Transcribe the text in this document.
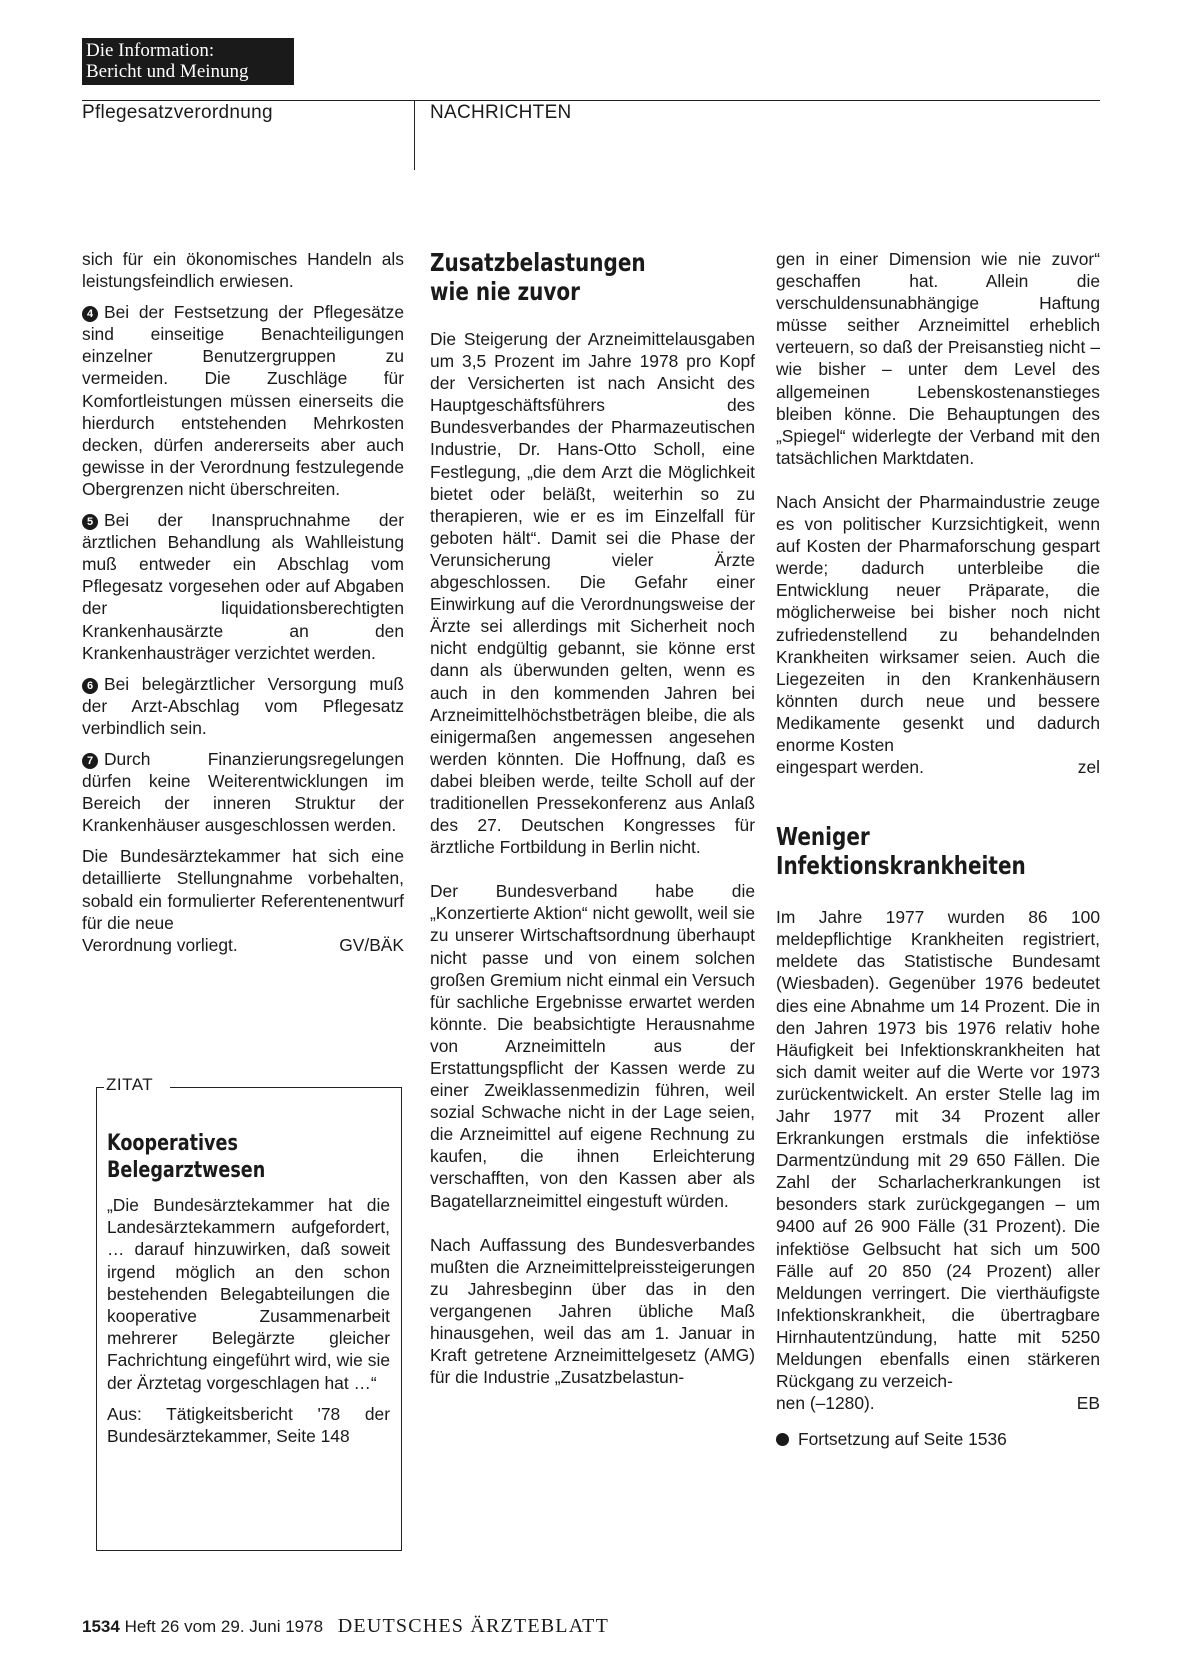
Die Information:
Bericht und Meinung
Pflegesatzverordnung	NACHRICHTEN

sich für ein ökonomisches Handeln als leistungsfeindlich erwiesen.

4 Bei der Festsetzung der Pflegesätze sind einseitige Benachteiligungen einzelner Benutzergruppen zu vermeiden. Die Zuschläge für Komfortleistungen müssen einerseits die hierdurch entstehenden Mehrkosten decken, dürfen andererseits aber auch gewisse in der Verordnung festzulegende Obergrenzen nicht überschreiten.

5 Bei der Inanspruchnahme der ärztlichen Behandlung als Wahlleistung muß entweder ein Abschlag vom Pflegesatz vorgesehen oder auf Abgaben der liquidationsberechtigten Krankenhausärzte an den Krankenhausträger verzichtet werden.

6 Bei belegärztlicher Versorgung muß der Arzt-Abschlag vom Pflegesatz verbindlich sein.

7 Durch Finanzierungsregelungen dürfen keine Weiterentwicklungen im Bereich der inneren Struktur der Krankenhäuser ausgeschlossen werden.

Die Bundesärztekammer hat sich eine detaillierte Stellungnahme vorbehalten, sobald ein formulierter Referentenentwurf für die neue

Verordnung vorliegt.	GV/BÄK
ZITAT
Kooperatives
Belegarztwesen

„Die Bundesärztekammer hat die Landesärztekammern aufgefordert, … darauf hinzuwirken, daß soweit irgend möglich an den schon bestehenden Belegabteilungen die kooperative Zusammenarbeit mehrerer Belegärzte gleicher Fachrichtung eingeführt wird, wie sie der Ärztetag vorgeschlagen hat …“

Aus: Tätigkeitsbericht '78 der Bundesärztekammer, Seite 148

Zusatzbelastungen
wie nie zuvor

Die Steigerung der Arzneimittelausgaben um 3,5 Prozent im Jahre 1978 pro Kopf der Versicherten ist nach Ansicht des Hauptgeschäftsführers des Bundesverbandes der Pharmazeutischen Industrie, Dr. Hans-Otto Scholl, eine Festlegung, „die dem Arzt die Möglichkeit bietet oder beläßt, weiterhin so zu therapieren, wie er es im Einzelfall für geboten hält“. Damit sei die Phase der Verunsicherung vieler Ärzte abgeschlossen. Die Gefahr einer Einwirkung auf die Verordnungsweise der Ärzte sei allerdings mit Sicherheit noch nicht endgültig gebannt, sie könne erst dann als überwunden gelten, wenn es auch in den kommenden Jahren bei Arzneimittelhöchstbeträgen bleibe, die als einigermaßen angemessen angesehen werden könnten. Die Hoffnung, daß es dabei bleiben werde, teilte Scholl auf der traditionellen Pressekonferenz aus Anlaß des 27. Deutschen Kongresses für ärztliche Fortbildung in Berlin nicht.

Der Bundesverband habe die „Konzertierte Aktion“ nicht gewollt, weil sie zu unserer Wirtschaftsordnung überhaupt nicht passe und von einem solchen großen Gremium nicht einmal ein Versuch für sachliche Ergebnisse erwartet werden könnte. Die beabsichtigte Herausnahme von Arzneimitteln aus der Erstattungspflicht der Kassen werde zu einer Zweiklassenmedizin führen, weil sozial Schwache nicht in der Lage seien, die Arzneimittel auf eigene Rechnung zu kaufen, die ihnen Erleichterung verschafften, von den Kassen aber als Bagatellarzneimittel eingestuft würden.

Nach Auffassung des Bundesverbandes mußten die Arzneimittelpreissteigerungen zu Jahresbeginn über das in den vergangenen Jahren übliche Maß hinausgehen, weil das am 1. Januar in Kraft getretene Arzneimittelgesetz (AMG) für die Industrie „Zusatzbelastun-

gen in einer Dimension wie nie zuvor“ geschaffen hat. Allein die verschuldensunabhängige Haftung müsse seither Arzneimittel erheblich verteuern, so daß der Preisanstieg nicht – wie bisher – unter dem Level des allgemeinen Lebenskostenanstieges bleiben könne. Die Behauptungen des „Spiegel“ widerlegte der Verband mit den tatsächlichen Marktdaten.

Nach Ansicht der Pharmaindustrie zeuge es von politischer Kurzsichtigkeit, wenn auf Kosten der Pharmaforschung gespart werde; dadurch unterbleibe die Entwicklung neuer Präparate, die möglicherweise bei bisher noch nicht zufriedenstellend zu behandelnden Krankheiten wirksamer seien. Auch die Liegezeiten in den Krankenhäusern könnten durch neue und bessere Medikamente gesenkt und dadurch enorme Kosten

eingespart werden.	zel
Weniger
Infektionskrankheiten

Im Jahre 1977 wurden 86 100 meldepflichtige Krankheiten registriert, meldete das Statistische Bundesamt (Wiesbaden). Gegenüber 1976 bedeutet dies eine Abnahme um 14 Prozent. Die in den Jahren 1973 bis 1976 relativ hohe Häufigkeit bei Infektionskrankheiten hat sich damit weiter auf die Werte vor 1973 zurückentwickelt. An erster Stelle lag im Jahr 1977 mit 34 Prozent aller Erkrankungen erstmals die infektiöse Darmentzündung mit 29 650 Fällen. Die Zahl der Scharlacherkrankungen ist besonders stark zurückgegangen – um 9400 auf 26 900 Fälle (31 Prozent). Die infektiöse Gelbsucht hat sich um 500 Fälle auf 20 850 (24 Prozent) aller Meldungen verringert. Die vierthäufigste Infektionskrankheit, die übertragbare Hirnhautentzündung, hatte mit 5250 Meldungen ebenfalls einen stärkeren Rückgang zu verzeich-

nen (–1280).	EB
Fortsetzung auf Seite 1536
1534 Heft 26 vom 29. Juni 1978 DEUTSCHES ÄRZTEBLATT
